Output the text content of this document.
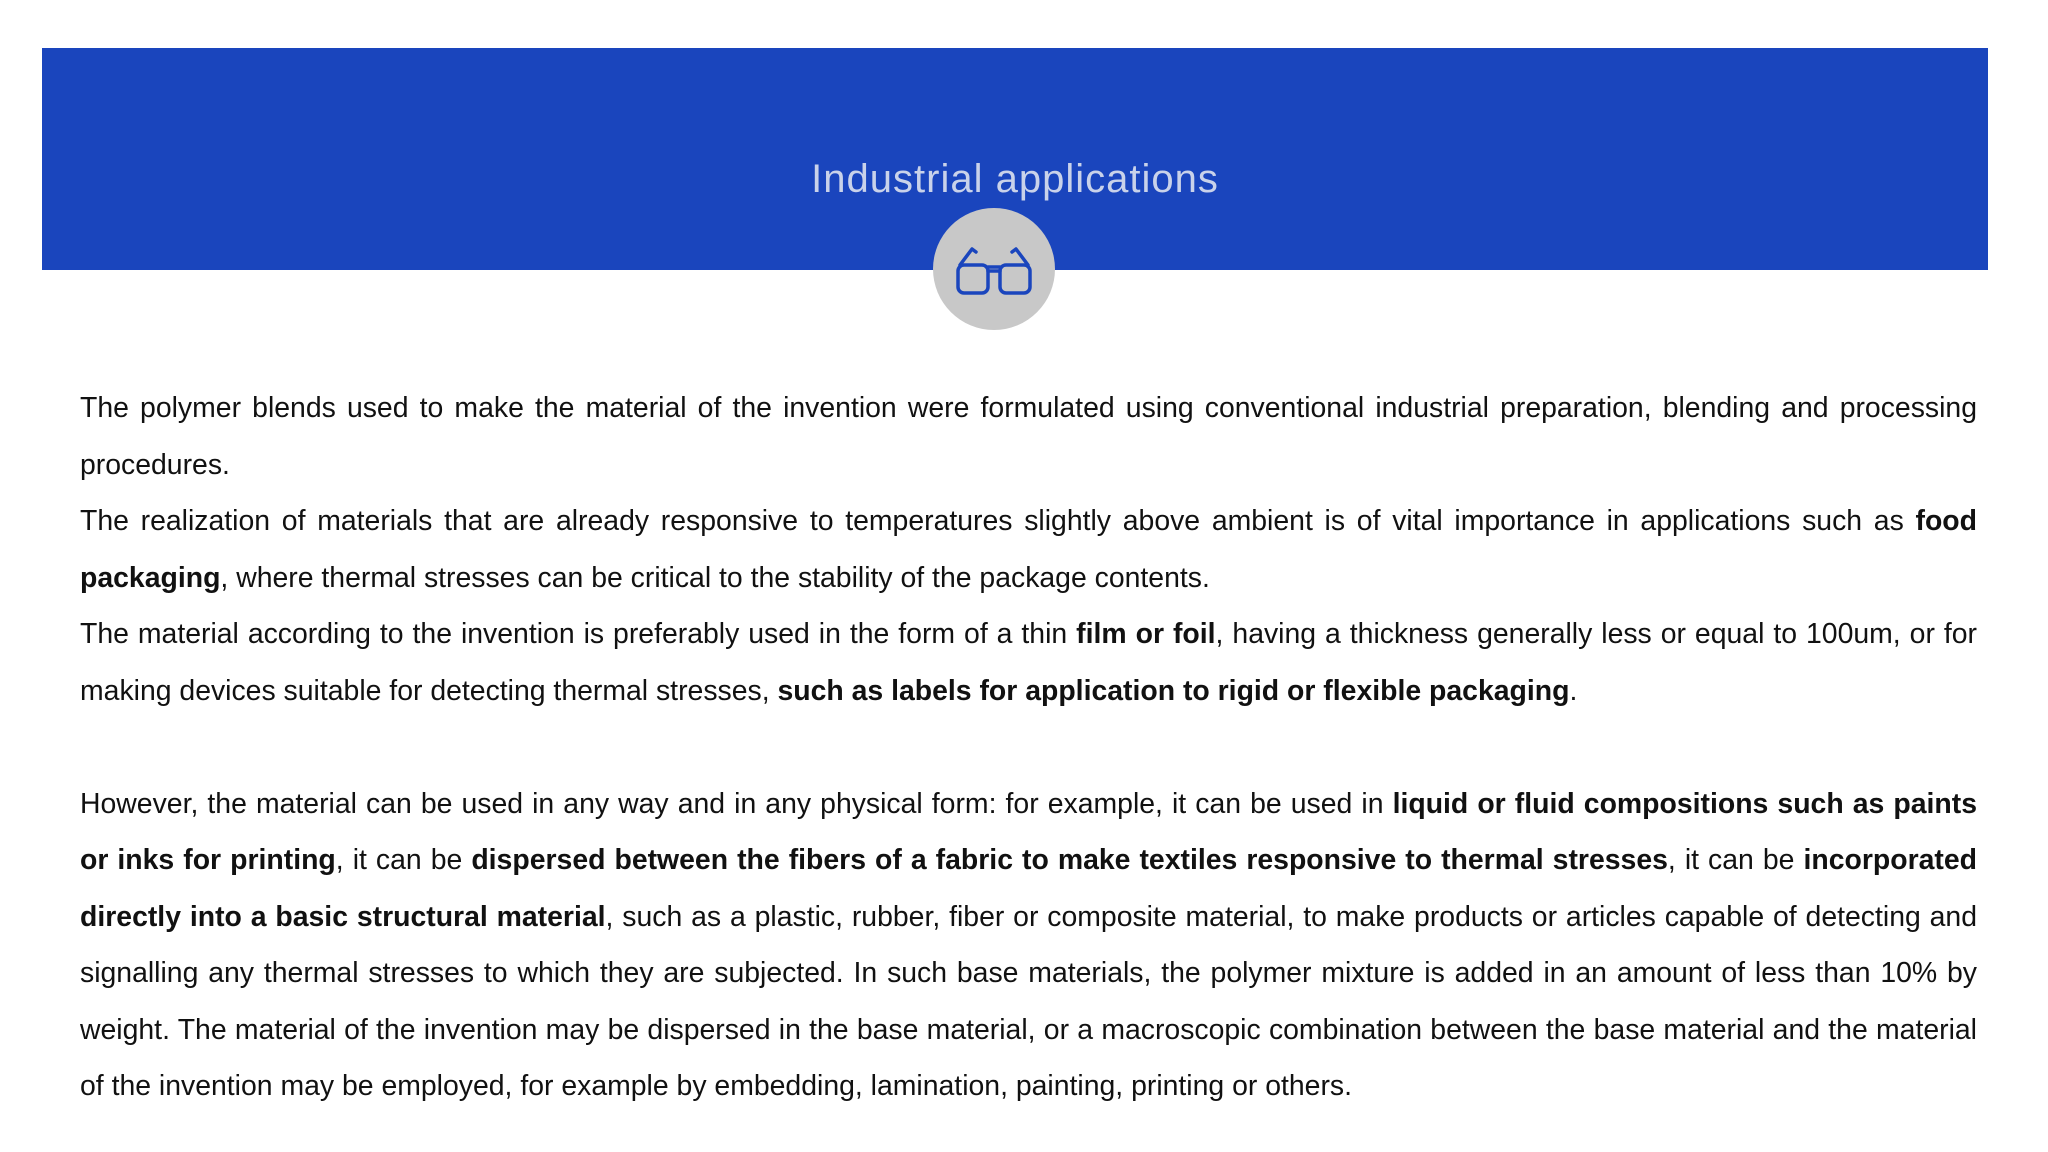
Industrial applications

The polymer blends used to make the material of the invention were formulated using conventional industrial preparation, blending and processing procedures.

The realization of materials that are already responsive to temperatures slightly above ambient is of vital importance in applications such as food packaging, where thermal stresses can be critical to the stability of the package contents.

The material according to the invention is preferably used in the form of a thin film or foil, having a thickness generally less or equal to 100um, or for making devices suitable for detecting thermal stresses, such as labels for application to rigid or flexible packaging.

However, the material can be used in any way and in any physical form: for example, it can be used in liquid or fluid compositions such as paints or inks for printing, it can be dispersed between the fibers of a fabric to make textiles responsive to thermal stresses, it can be incorporated directly into a basic structural material, such as a plastic, rubber, fiber or composite material, to make products or articles capable of detecting and signalling any thermal stresses to which they are subjected. In such base materials, the polymer mixture is added in an amount of less than 10% by weight. The material of the invention may be dispersed in the base material, or a macroscopic combination between the base material and the material of the invention may be employed, for example by embedding, lamination, painting, printing or others.
